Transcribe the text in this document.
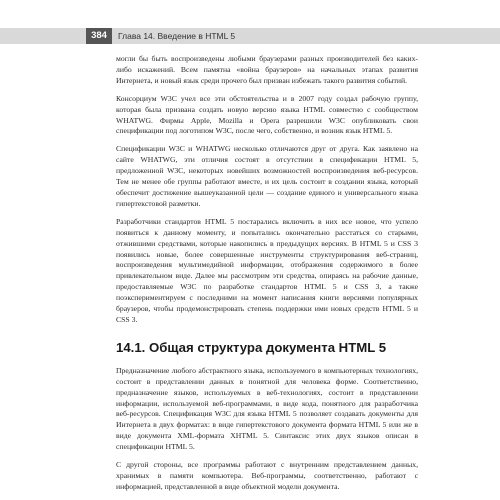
384	Глава 14. Введение в HTML 5

могли бы быть воспроизведены любыми браузерами разных производителей без каких-либо искажений. Всем памятна «война браузеров» на начальных этапах развития Интернета, и новый язык среди прочего был призван избежать такого развития событий.

Консорциум W3C учел все эти обстоятельства и в 2007 году создал рабочую группу, которая была призвана создать новую версию языка HTML совместно с сообществом WHATWG. Фирмы Apple, Mozilla и Opera разрешили W3C опубликовать свои спецификации под логотипом W3C, после чего, собственно, и возник язык HTML 5.

Спецификации W3C и WHATWG несколько отличаются друг от друга. Как заявлено на сайте WHATWG, эти отличия состоят в отсутствии в спецификации HTML 5, предложенной W3C, некоторых новейших возможностей воспроизведения веб-ресурсов. Тем не менее обе группы работают вместе, и их цель состоит в создании языка, который обеспечит достижение вышеуказанной цели — создание единого и универсального языка гипертекстовой разметки.

Разработчики стандартов HTML 5 постарались включить в них все новое, что успело появиться к данному моменту, и попытались окончательно расстаться со старыми, отжившими средствами, которые накопились в предыдущих версиях. В HTML 5 и CSS 3 появились новые, более совершенные инструменты структурирования веб-страниц, воспроизведения мультимедийной информации, отображения содержимого в более привлекательном виде. Далее мы рассмотрим эти средства, опираясь на рабочие данные, предоставляемые W3C по разработке стандартов HTML 5 и CSS 3, а также поэкспериментируем с последними на момент написания книги версиями популярных браузеров, чтобы продемонстрировать степень поддержки ими новых средств HTML 5 и CSS 3.

14.1. Общая структура документа HTML 5

Предназначение любого абстрактного языка, используемого в компьютерных технологиях, состоит в представлении данных в понятной для человека форме. Соответственно, предназначение языков, используемых в веб-технологиях, состоит в представлении информации, используемой веб-программами, в виде кода, понятного для разработчика веб-ресурсов. Спецификация W3C для языка HTML 5 позволяет создавать документы для Интернета в двух форматах: в виде гипертекстового документа формата HTML 5 или же в виде документа XML-формата XHTML 5. Синтаксис этих двух языков описан в спецификации HTML 5.

С другой стороны, все программы работают с внутренним представлением данных, хранимых в памяти компьютера. Веб-программы, соответственно, работают с информацией, представленной в виде объектной модели документа.
